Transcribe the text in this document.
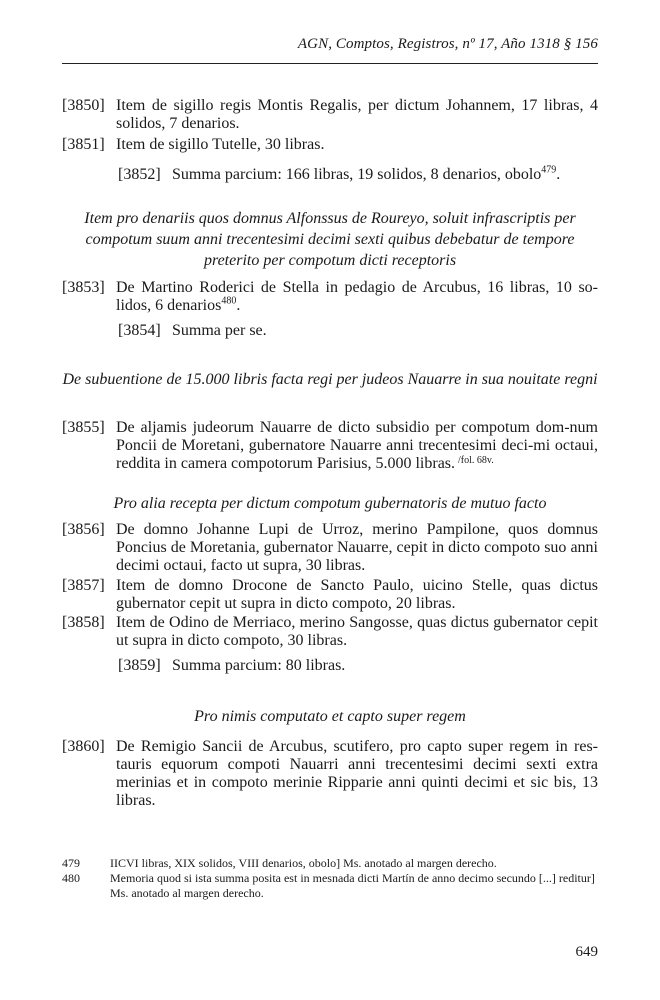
AGN, Comptos, Registros, nº 17, Año 1318 § 156
[3850] Item de sigillo regis Montis Regalis, per dictum Johannem, 17 libras, 4 solidos, 7 denarios.
[3851] Item de sigillo Tutelle, 30 libras.
[3852] Summa parcium: 166 libras, 19 solidos, 8 denarios, obolo$^{479}$.
Item pro denariis quos domnus Alfonssus de Roureyo, soluit infrascriptis per compotum suum anni trecentesimi decimi sexti quibus debebatur de tempore preterito per compotum dicti receptoris
[3853] De Martino Roderici de Stella in pedagio de Arcubus, 16 libras, 10 so-lidos, 6 denarios$^{480}$.
[3854] Summa per se.
De subuentione de 15.000 libris facta regi per judeos Nauarre in sua nouitate regni
[3855] De aljamis judeorum Nauarre de dicto subsidio per compotum dom-num Poncii de Moretani, gubernatore Nauarre anni trecentesimi deci-mi octaui, reddita in camera compotorum Parisius, 5.000 libras. $^{/fol. 68v.}$
Pro alia recepta per dictum compotum gubernatoris de mutuo facto
[3856] De domno Johanne Lupi de Urroz, merino Pampilone, quos domnus Poncius de Moretania, gubernator Nauarre, cepit in dicto compoto suo anni decimi octaui, facto ut supra, 30 libras.
[3857] Item de domno Drocone de Sancto Paulo, uicino Stelle, quas dictus gubernator cepit ut supra in dicto compoto, 20 libras.
[3858] Item de Odino de Merriaco, merino Sangosse, quas dictus gubernator cepit ut supra in dicto compoto, 30 libras.
[3859] Summa parcium: 80 libras.
Pro nimis computato et capto super regem
[3860] De Remigio Sancii de Arcubus, scutifero, pro capto super regem in res-tauris equorum compoti Nauarri anni trecentesimi decimi sexti extra merinias et in compoto merinie Ripparie anni quinti decimi et sic bis, 13 libras.
479	IICVI libras, XIX solidos, VIII denarios, obolo] Ms. anotado al margen derecho.
480	Memoria quod si ista summa posita est in mesnada dicti Martín de anno decimo secundo [...] reditur] Ms. anotado al margen derecho.
649
